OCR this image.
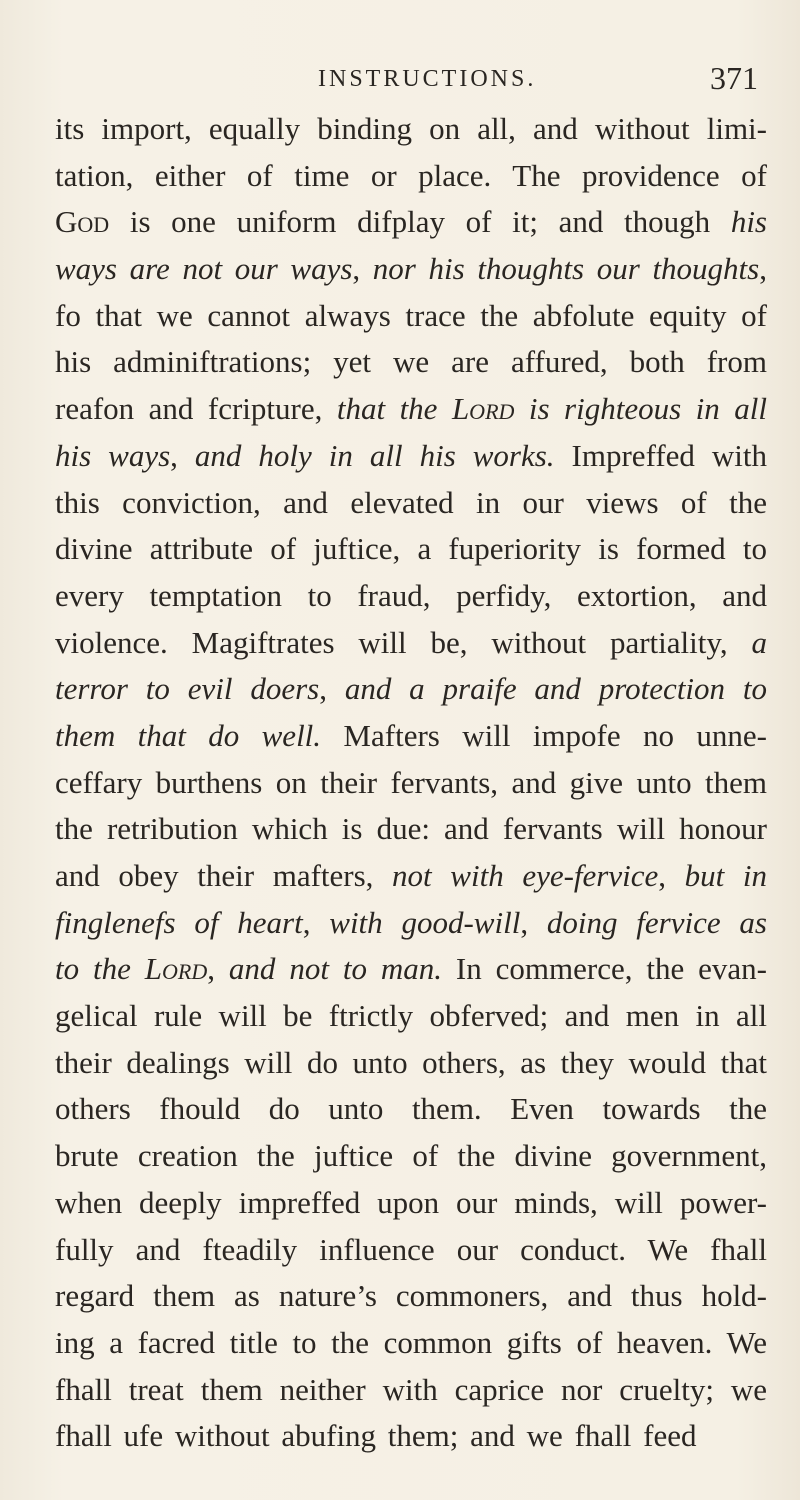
INSTRUCTIONS.	371
its import, equally binding on all, and without limi-
tation, either of time or place. The providence of
God is one uniform difplay of it; and though his
ways are not our ways, nor his thoughts our thoughts,
fo that we cannot always trace the abfolute equity of
his adminiftrations; yet we are affured, both from
reafon and fcripture, that the Lord is righteous in all
his ways, and holy in all his works. Impreffed with
this conviction, and elevated in our views of the
divine attribute of juftice, a fuperiority is formed to
every temptation to fraud, perfidy, extortion, and
violence. Magiftrates will be, without partiality, a
terror to evil doers, and a praife and protection to
them that do well. Mafters will impofe no unne-
ceffary burthens on their fervants, and give unto them
the retribution which is due: and fervants will honour
and obey their mafters, not with eye-fervice, but in
finglenefs of heart, with good-will, doing fervice as
to the Lord, and not to man. In commerce, the evan-
gelical rule will be ftrictly obferved; and men in all
their dealings will do unto others, as they would that
others fhould do unto them. Even towards the
brute creation the juftice of the divine government,
when deeply impreffed upon our minds, will power-
fully and fteadily influence our conduct. We fhall
regard them as nature’s commoners, and thus hold-
ing a facred title to the common gifts of heaven. We
fhall treat them neither with caprice nor cruelty; we
fhall ufe without abufing them; and we fhall feed
